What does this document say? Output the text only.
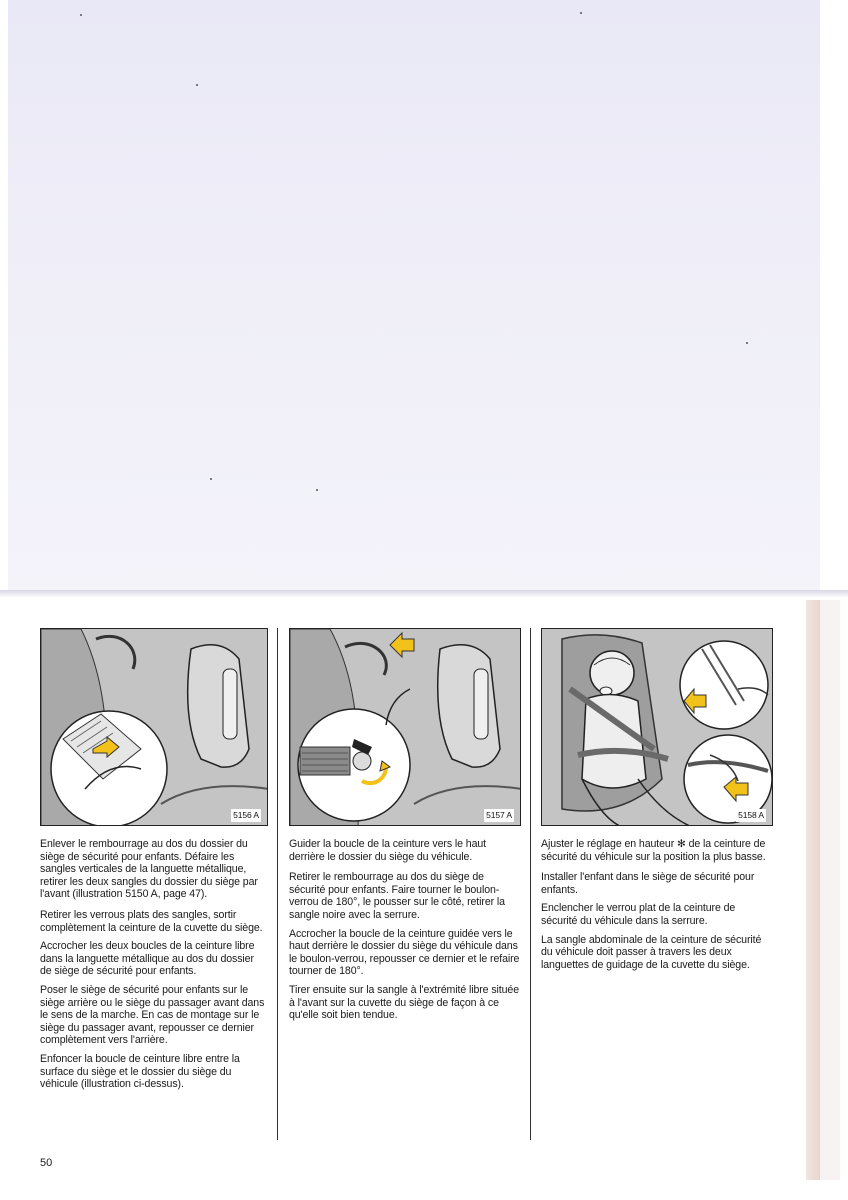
5156 A

Enlever le rembourrage au dos du dossier du siège de sécurité pour enfants. Défaire les sangles verticales de la languette métallique, retirer les deux sangles du dossier du siège par l'avant (illustration 5150 A, page 47).

Retirer les verrous plats des sangles, sortir complètement la ceinture de la cuvette du siège.

Accrocher les deux boucles de la ceinture libre dans la languette métallique au dos du dossier de siège de sécurité pour enfants.

Poser le siège de sécurité pour enfants sur le siège arrière ou le siège du passager avant dans le sens de la marche. En cas de montage sur le siège du passager avant, repousser ce dernier complètement vers l'arrière.

Enfoncer la boucle de ceinture libre entre la surface du siège et le dossier du siège du véhicule (illustration ci-dessus).

5157 A

Guider la boucle de la ceinture vers le haut derrière le dossier du siège du véhicule.

Retirer le rembourrage au dos du siège de sécurité pour enfants. Faire tourner le boulon-verrou de 180°, le pousser sur le côté, retirer la sangle noire avec la serrure.

Accrocher la boucle de la ceinture guidée vers le haut derrière le dossier du siège du véhicule dans le boulon-verrou, repousser ce dernier et le refaire tourner de 180°.

Tirer ensuite sur la sangle à l'extrémité libre située à l'avant sur la cuvette du siège de façon à ce qu'elle soit bien tendue.

5158 A

Ajuster le réglage en hauteur ✻ de la ceinture de sécurité du véhicule sur la position la plus basse.

Installer l'enfant dans le siège de sécurité pour enfants.

Enclencher le verrou plat de la ceinture de sécurité du véhicule dans la serrure.

La sangle abdominale de la ceinture de sécurité du véhicule doit passer à travers les deux languettes de guidage de la cuvette du siège.

50
